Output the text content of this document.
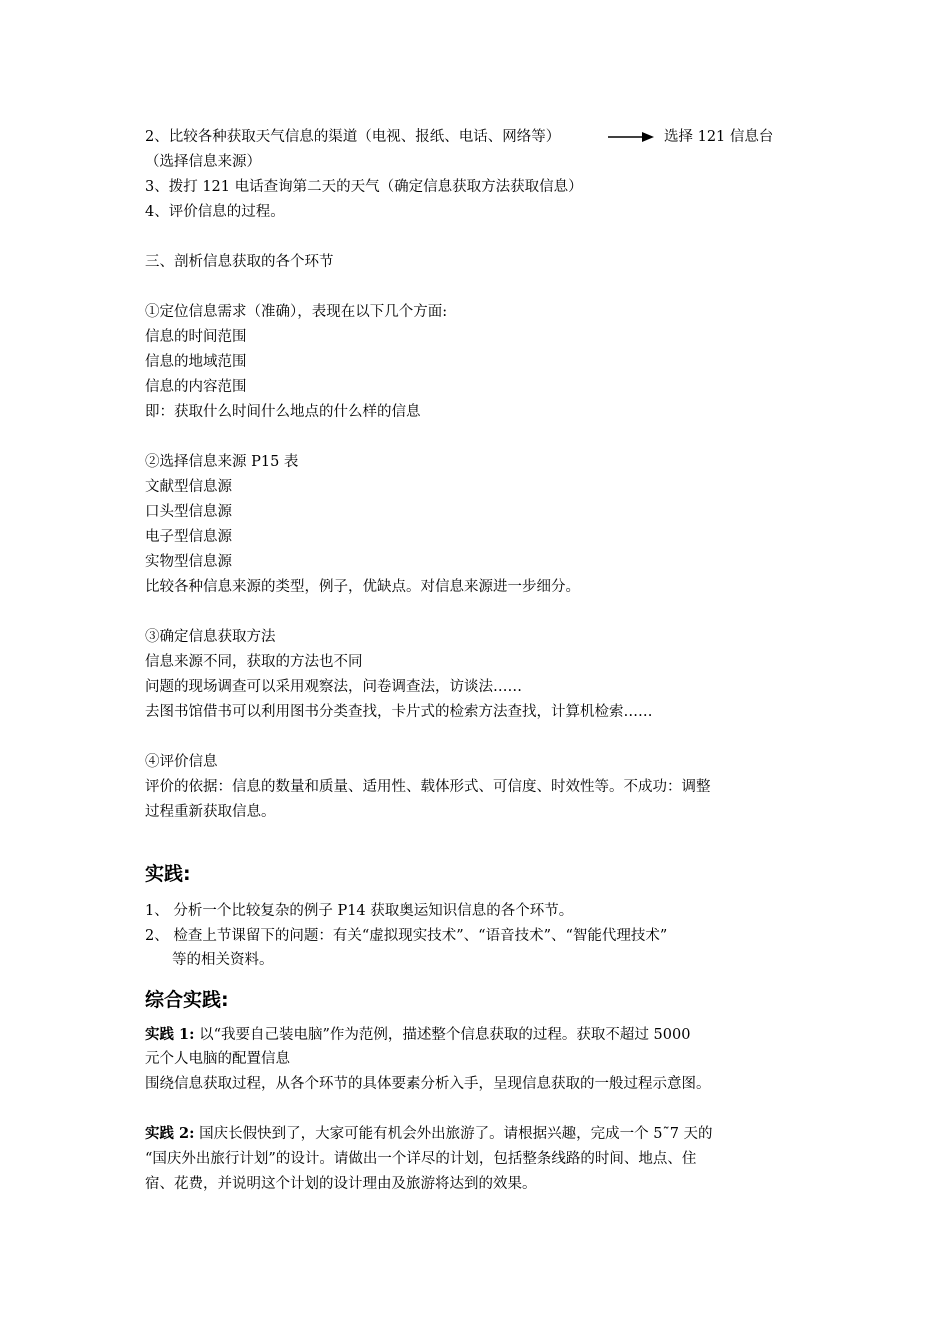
2、比较各种获取天气信息的渠道（电视、报纸、电话、网络等）	选择 121 信息台
（选择信息来源）
3、拨打 121 电话查询第二天的天气（确定信息获取方法获取信息）
4、评价信息的过程。
三、剖析信息获取的各个环节
①定位信息需求（准确），表现在以下几个方面:
信息的时间范围
信息的地域范围
信息的内容范围
即：获取什么时间什么地点的什么样的信息
②选择信息来源 P15 表
文献型信息源
口头型信息源
电子型信息源
实物型信息源
比较各种信息来源的类型，例子，优缺点。对信息来源进一步细分。
③确定信息获取方法
信息来源不同，获取的方法也不同
问题的现场调查可以采用观察法，问卷调查法，访谈法……
去图书馆借书可以利用图书分类查找，卡片式的检索方法查找，计算机检索……
④评价信息
评价的依据：信息的数量和质量、适用性、载体形式、可信度、时效性等。不成功：调整
过程重新获取信息。
实践:
1、 分析一个比较复杂的例子 P14 获取奥运知识信息的各个环节。
2、 检查上节课留下的问题：有关“虚拟现实技术”、“语音技术”、“智能代理技术”
等的相关资料。
综合实践:
实践 1: 以“我要自己装电脑”作为范例，描述整个信息获取的过程。获取不超过 5000
元个人电脑的配置信息
围绕信息获取过程，从各个环节的具体要素分析入手，呈现信息获取的一般过程示意图。
实践 2: 国庆长假快到了，大家可能有机会外出旅游了。请根据兴趣，完成一个 5˜7 天的
“国庆外出旅行计划”的设计。请做出一个详尽的计划，包括整条线路的时间、地点、住
宿、花费，并说明这个计划的设计理由及旅游将达到的效果。
